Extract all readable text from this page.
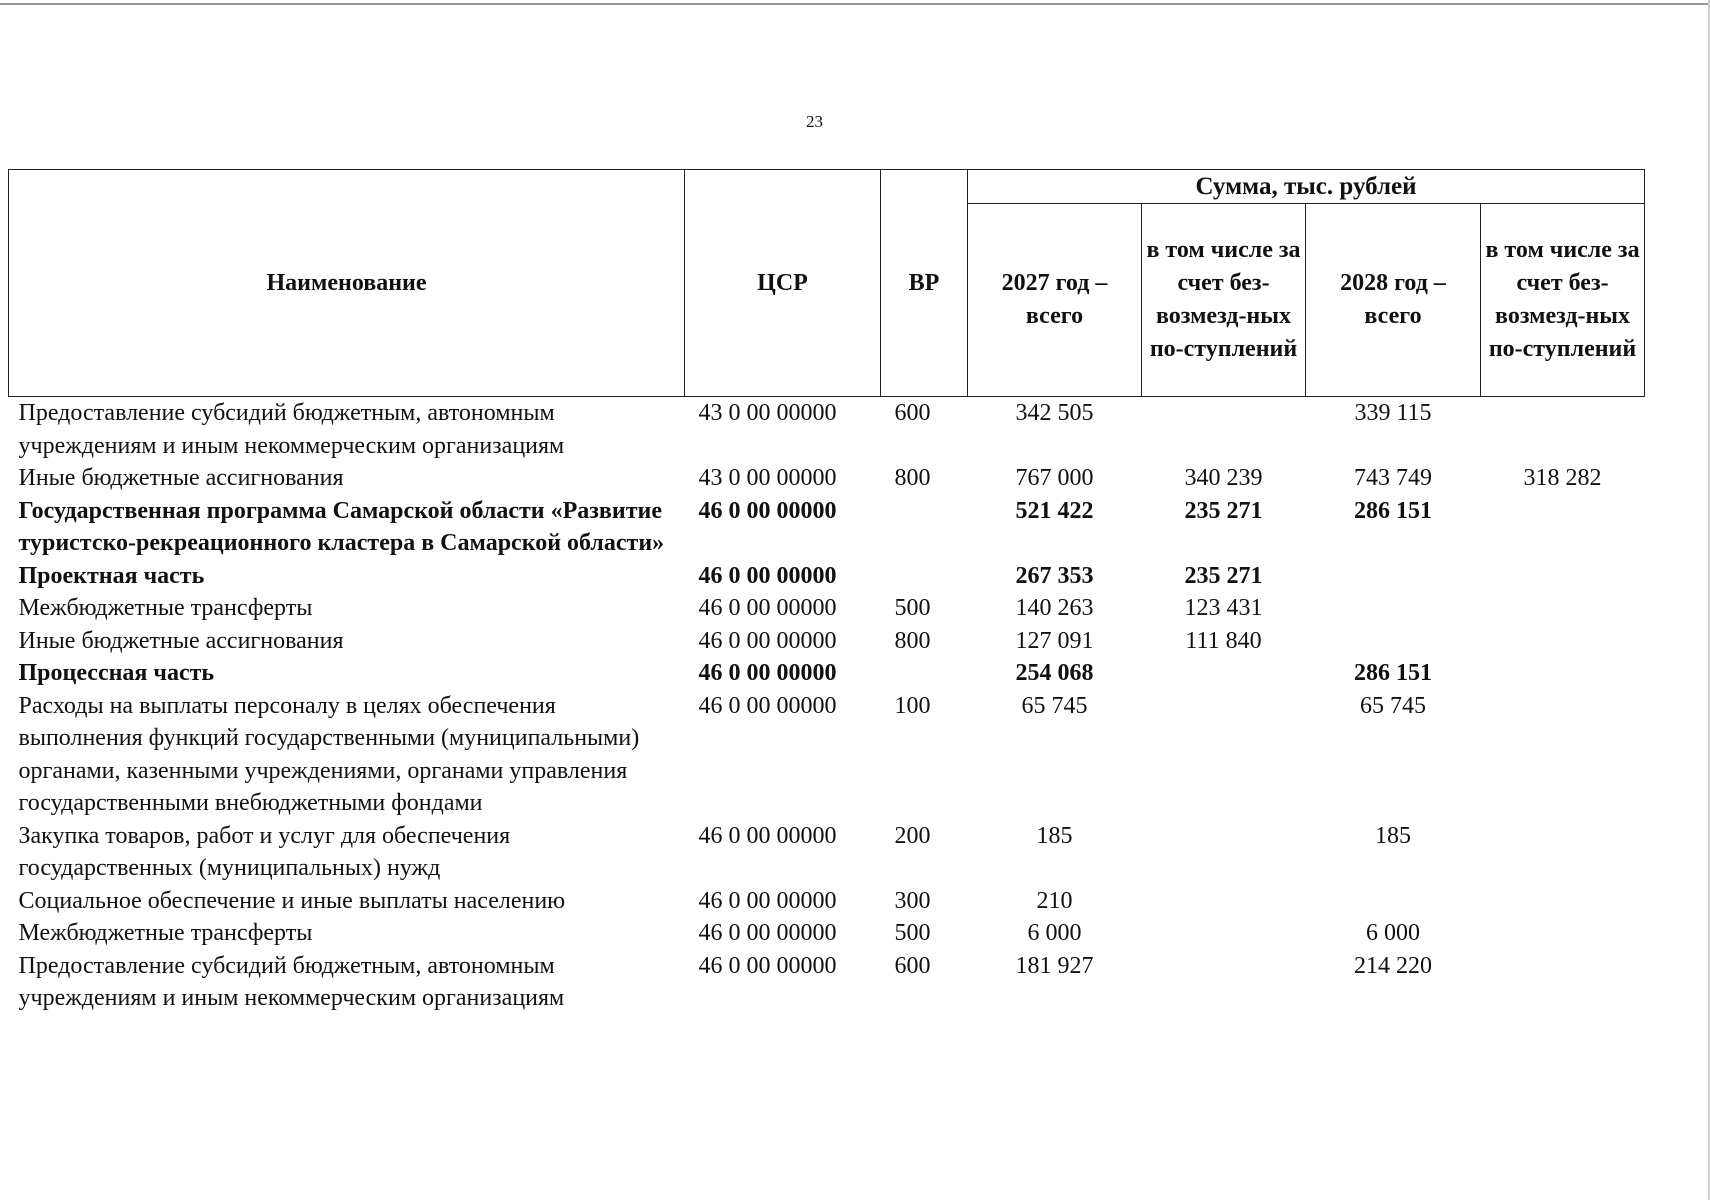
23
Наименование	ЦСР	ВР	Сумма, тыс. рублей			
			2027 год – всего	в том числе за счет без-возмезд-ных по-ступлений	2028 год – всего	в том числе за счет без-возмезд-ных по-ступлений
Предоставление субсидий бюджетным, автономным учреждениям и иным некоммерческим организациям	43 0 00 00000	600	342 505		339 115	
Иные бюджетные ассигнования	43 0 00 00000	800	767 000	340 239	743 749	318 282
Государственная программа Самарской области «Развитие туристско-рекреационного кластера в Самарской области»	46 0 00 00000		521 422	235 271	286 151	
Проектная часть	46 0 00 00000		267 353	235 271		
Межбюджетные трансферты	46 0 00 00000	500	140 263	123 431		
Иные бюджетные ассигнования	46 0 00 00000	800	127 091	111 840		
Процессная часть	46 0 00 00000		254 068		286 151	
Расходы на выплаты персоналу в целях обеспечения выполнения функций государственными (муниципальными) органами, казенными учреждениями, органами управления государственными внебюджетными фондами	46 0 00 00000	100	65 745		65 745	
Закупка товаров, работ и услуг для обеспечения государственных (муниципальных) нужд	46 0 00 00000	200	185		185	
Социальное обеспечение и иные выплаты населению	46 0 00 00000	300	210			
Межбюджетные трансферты	46 0 00 00000	500	6 000		6 000	
Предоставление субсидий бюджетным, автономным учреждениям и иным некоммерческим организациям	46 0 00 00000	600	181 927		214 220	
